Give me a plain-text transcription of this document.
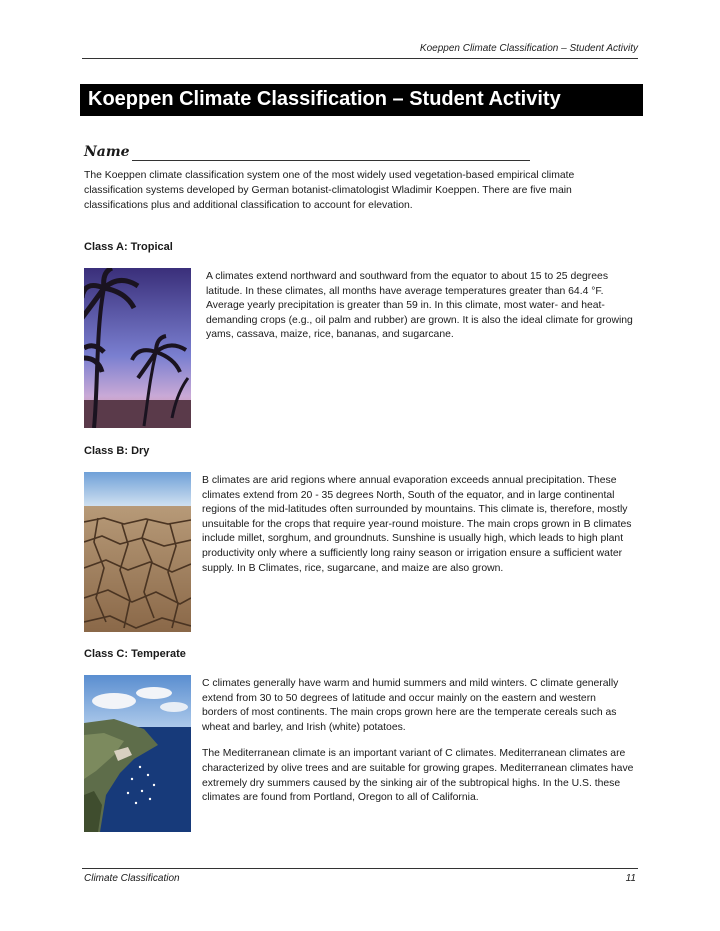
Koeppen Climate Classification – Student Activity
Koeppen Climate Classification – Student Activity
Name
The Koeppen climate classification system one of the most widely used vegetation-based empirical climate classification systems developed by German botanist-climatologist Wladimir Koeppen. There are five main classifications plus and additional classification to account for elevation.
Class A: Tropical

A climates extend northward and southward from the equator to about 15 to 25 degrees latitude. In these climates, all months have average temperatures greater than 64.4 °F. Average yearly precipitation is greater than 59 in. In this climate, most water- and heat-demanding crops (e.g., oil palm and rubber) are grown. It is also the ideal climate for growing yams, cassava, maize, rice, bananas, and sugarcane.

Class B: Dry

B climates are arid regions where annual evaporation exceeds annual precipitation. These climates extend from 20 - 35 degrees North, South of the equator, and in large continental regions of the mid-latitudes often surrounded by mountains. This climate is, therefore, mostly unsuitable for the crops that require year-round moisture. The main crops grown in B climates include millet, sorghum, and groundnuts. Sunshine is usually high, which leads to high plant productivity only where a sufficiently long rainy season or irrigation ensure a sufficient water supply. In B Climates, rice, sugarcane, and maize are also grown.

Class C: Temperate

C climates generally have warm and humid summers and mild winters. C climate generally extend from 30 to 50 degrees of latitude and occur mainly on the eastern and western borders of most continents. The main crops grown here are the temperate cereals such as wheat and barley, and Irish (white) potatoes.

The Mediterranean climate is an important variant of C climates. Mediterranean climates are characterized by olive trees and are suitable for growing grapes. Mediterranean climates have extremely dry summers caused by the sinking air of the subtropical highs. In the U.S. these climates are found from Portland, Oregon to all of California.

Climate Classification	11
